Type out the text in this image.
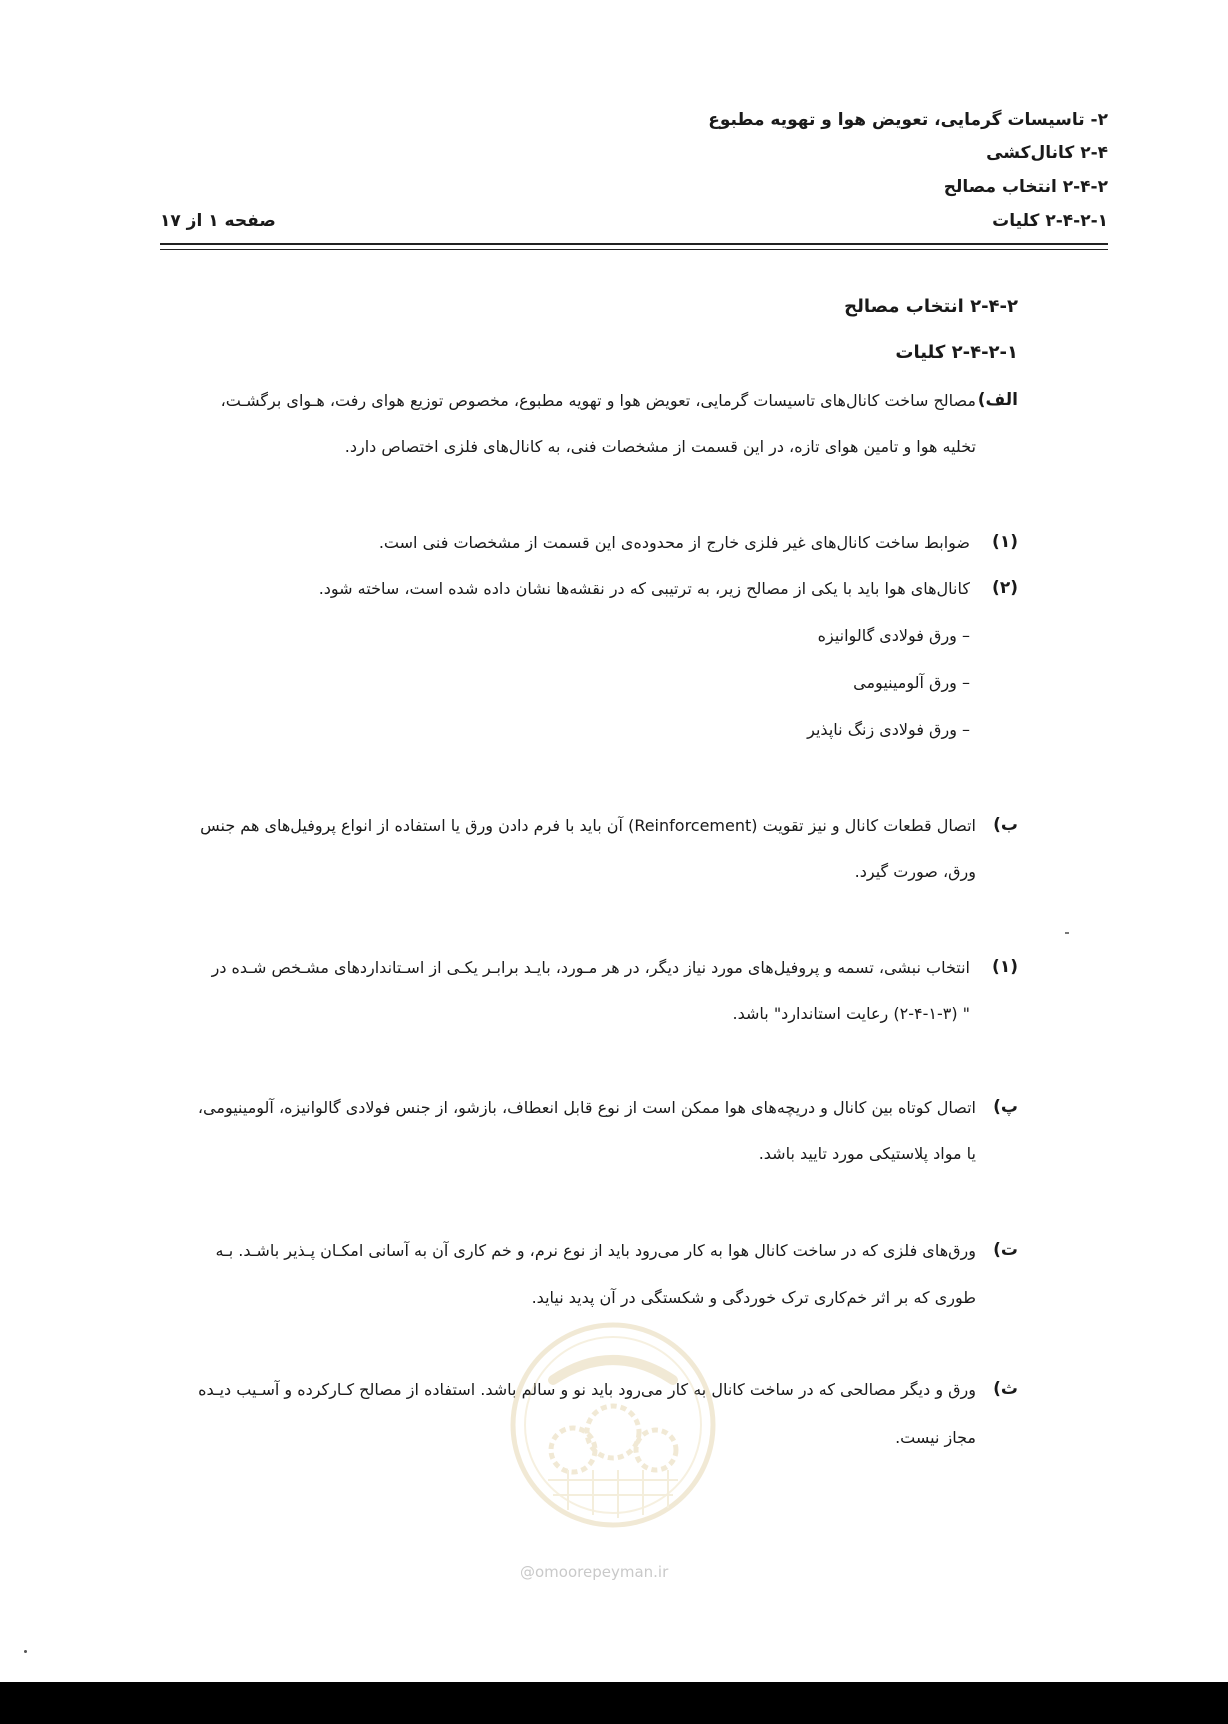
۲- تاسیسات گرمایی، تعویض هوا و تهویه مطبوع
۲-۴ کانال‌کشی
۲-۴-۲ انتخاب مصالح
۲-۴-۲-۱ کلیات
صفحه ۱ از ۱۷
۲-۴-۲ انتخاب مصالح
۲-۴-۲-۱ کلیات
الف)
مصالح ساخت کانال‌های تاسیسات گرمایی، تعویض هوا و تهویه مطبوع، مخصوص توزیع هوای رفت، هـوای برگشـت،
تخلیه هوا و تامین هوای تازه، در این قسمت از مشخصات فنی، به کانال‌های فلزی اختصاص دارد.
(۱)
ضوابط ساخت کانال‌های غیر فلزی خارج از محدوده‌ی این قسمت از مشخصات فنی است.
(۲)
کانال‌های هوا باید با یکی از مصالح زیر، به ترتیبی که در نقشه‌ها نشان داده شده است، ساخته شود.
– ورق فولادی گالوانیزه
– ورق آلومینیومی
– ورق فولادی زنگ ناپذیر
ب)
اتصال قطعات کانال و نیز تقویت (Reinforcement) آن باید با فرم دادن ورق یا استفاده از انواع پروفیل‌های هم جنس
ورق، صورت گیرد.
(۱)
انتخاب نبشی، تسمه و پروفیل‌های مورد نیاز دیگر، در هر مـورد، بایـد برابـر یکـی از اسـتانداردهای مشـخص شـده در
" (۲-۴-۱-۳) رعایت استاندارد" باشد.
پ)
اتصال کوتاه بین کانال و دریچه‌های هوا ممکن است از نوع قابل انعطاف، بازشو، از جنس فولادی گالوانیزه، آلومینیومی،
یا مواد پلاستیکی مورد تایید باشد.
ت)
ورق‌های فلزی که در ساخت کانال هوا به کار می‌رود باید از نوع نرم، و خم کاری آن به آسانی امکـان پـذیر باشـد. بـه
طوری که بر اثر خم‌کاری ترک خوردگی و شکستگی در آن پدید نیاید.
ث)
ورق و دیگر مصالحی که در ساخت کانال به کار می‌رود باید نو و سالم باشد. استفاده از مصالح کـارکرده و آسـیب دیـده
مجاز نیست.
@omoorepeyman.ir
